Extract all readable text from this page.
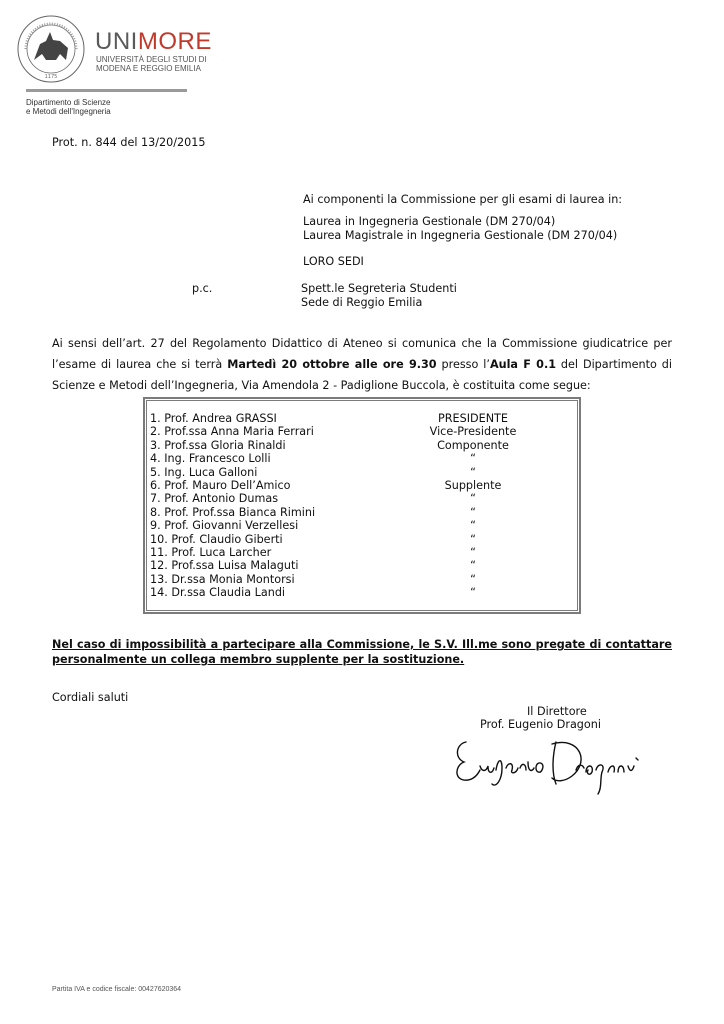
1175
UNIMORE
UNIVERSITÀ DEGLI STUDI DI
MODENA E REGGIO EMILIA
Dipartimento di Scienze
e Metodi dell'Ingegneria
Prot. n. 844 del 13/20/2015
Ai componenti la Commissione per gli esami di laurea in:
Laurea in Ingegneria Gestionale (DM 270/04)
Laurea Magistrale in Ingegneria Gestionale (DM 270/04)
LORO SEDI
p.c.	Spett.le Segreteria Studenti
Sede di Reggio Emilia
Ai sensi dell’art. 27 del Regolamento Didattico di Ateneo si comunica che la Commissione giudicatrice per l’esame di laurea che si terrà Martedì 20 ottobre alle ore 9.30 presso l’Aula F 0.1 del Dipartimento di Scienze e Metodi dell’Ingegneria, Via Amendola 2 - Padiglione Buccola, è costituita come segue:
1. Prof. Andrea GRASSI	PRESIDENTE
2. Prof.ssa Anna Maria Ferrari	Vice-Presidente
3. Prof.ssa Gloria Rinaldi	Componente
4. Ing. Francesco Lolli	“
5. Ing. Luca Galloni	“
6. Prof. Mauro Dell’Amico	Supplente
7. Prof. Antonio Dumas	“
8. Prof. Prof.ssa Bianca Rimini	“
9. Prof. Giovanni Verzellesi	“
10. Prof. Claudio Giberti	“
11. Prof. Luca Larcher	“
12. Prof.ssa Luisa Malaguti	“
13. Dr.ssa Monia Montorsi	“
14. Dr.ssa Claudia Landi	“
Nel caso di impossibilità a partecipare alla Commissione, le S.V. Ill.me sono pregate di contattare personalmente un collega membro supplente per la sostituzione.
Cordiali saluti
Il Direttore
Prof. Eugenio Dragoni
Partita IVA e codice fiscale: 00427620364
